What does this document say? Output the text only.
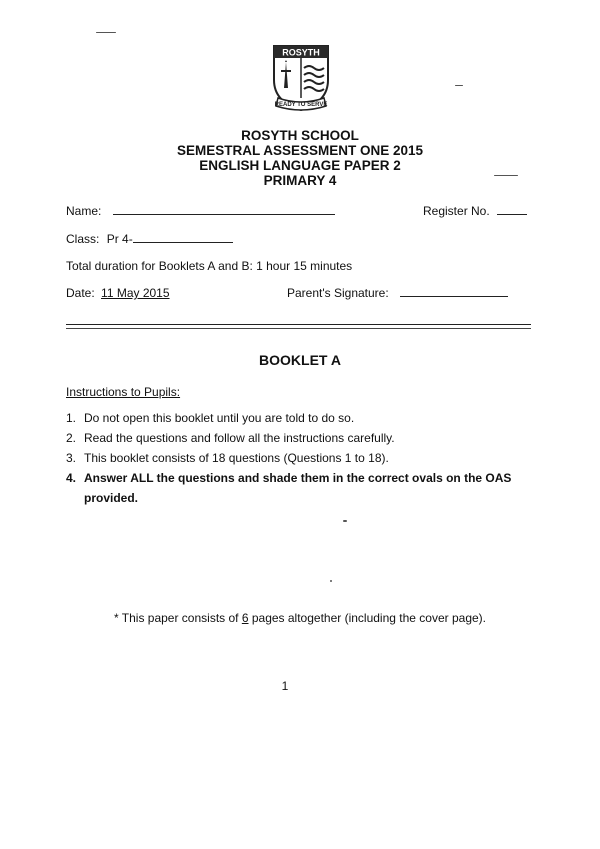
ROSYTH
READY TO SERVE
ROSYTH SCHOOL
SEMESTRAL ASSESSMENT ONE 2015
ENGLISH LANGUAGE PAPER 2
PRIMARY 4
Name:	Register No.
Class: Pr 4-
Total duration for Booklets A and B: 1 hour 15 minutes
Date: 11 May 2015	Parent's Signature:
BOOKLET A
Instructions to Pupils:
1. Do not open this booklet until you are told to do so.
2. Read the questions and follow all the instructions carefully.
3. This booklet consists of 18 questions (Questions 1 to 18).
4. Answer ALL the questions and shade them in the correct ovals on the OAS provided.
* This paper consists of 6 pages altogether (including the cover page).
1
